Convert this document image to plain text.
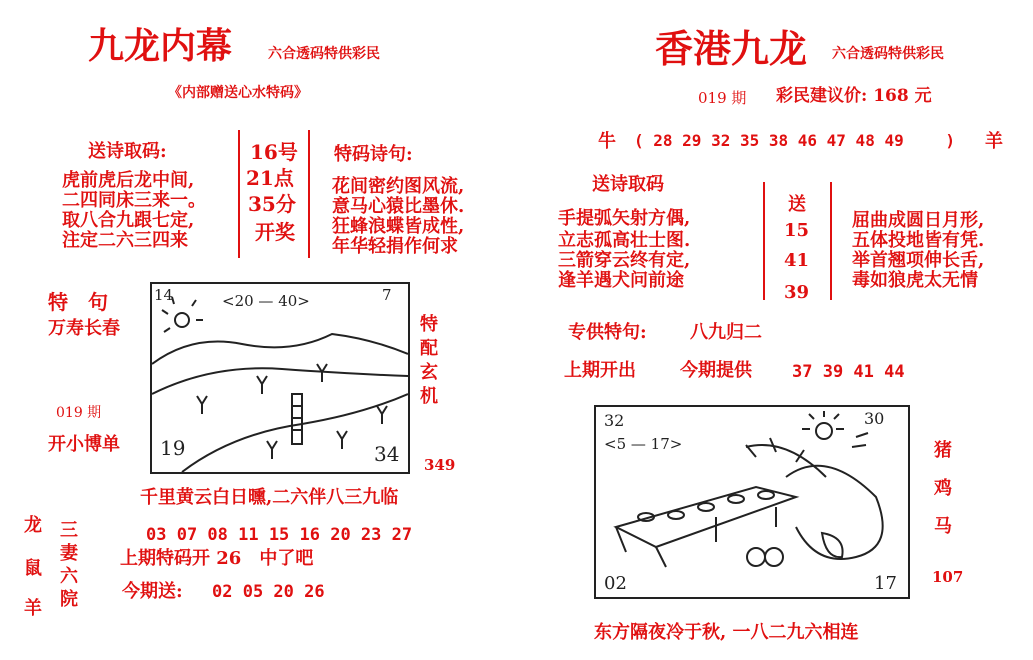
九龙内幕	六合透码特供彩民
《内部赠送心水特码》
送诗取码:
虎前虎后龙中间,
二四同床三来一。
取八合九跟七定,
注定二六三四来
16号
21点
35分
开奖
特码诗句:
花间密约图风流,
意马心猿比墨休.
狂蜂浪蝶皆成性,
年华轻捐作何求
特　句
万寿长春
019 期
开小博单
14	<20 — 40>	7
19	34
特
配
玄
机
349
千里黄云白日曛,二六伴八三九临
龙
鼠
羊
三
妻
六
院
03 07 08 11 15 16 20 23 27
上期特码开 26　中了吧
今期送: 02 05 20 26
香港九龙 六合透码特供彩民
019 期 彩民建议价: 168 元
牛 ( 28 29 32 35 38 46 47 48 49　　 ) 羊
送诗取码
手提弧矢射方偶,
立志孤高壮士图.
三箭穿云终有定,
逢羊遇犬问前途
送
15
41
39
屈曲成圆日月形,
五体投地皆有凭.
举首翘项伸长舌,
毒如狼虎太无情
专供特句: 八九归二
上期开出 今期提供 37 39 41 44
32
<5 — 17>
30
02	17
猪
鸡
马
107
东方隔夜冷于秋, 一八二九六相连
